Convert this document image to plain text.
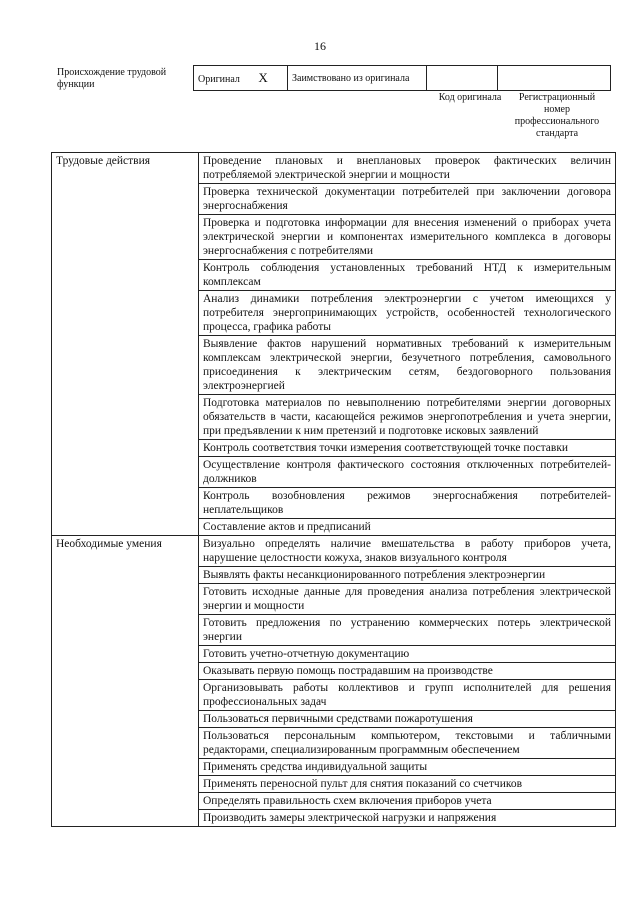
16
Происхождение трудовой функции	Оригинал X	Заимствовано из оригинала		
Код оригинала	Регистрационный номер профессионального стандарта
Трудовые действия	Проведение плановых и внеплановых проверок фактических величин потребляемой электрической энергии и мощности
	Проверка технической документации потребителей при заключении договора энергоснабжения
	Проверка и подготовка информации для внесения изменений о приборах учета электрической энергии и компонентах измерительного комплекса в договоры энергоснабжения с потребителями
	Контроль соблюдения установленных требований НТД к измерительным комплексам
	Анализ динамики потребления электроэнергии с учетом имеющихся у потребителя энергопринимающих устройств, особенностей технологического процесса, графика работы
	Выявление фактов нарушений нормативных требований к измерительным комплексам электрической энергии, безучетного потребления, самовольного присоединения к электрическим сетям, бездоговорного пользования электроэнергией
	Подготовка материалов по невыполнению потребителями энергии договорных обязательств в части, касающейся режимов энергопотребления и учета энергии, при предъявлении к ним претензий и подготовке исковых заявлений
	Контроль соответствия точки измерения соответствующей точке поставки
	Осуществление контроля фактического состояния отключенных потребителей-должников
	Контроль возобновления режимов энергоснабжения потребителей-неплательщиков
	Составление актов и предписаний
Необходимые умения	Визуально определять наличие вмешательства в работу приборов учета, нарушение целостности кожуха, знаков визуального контроля
	Выявлять факты несанкционированного потребления электроэнергии
	Готовить исходные данные для проведения анализа потребления электрической энергии и мощности
	Готовить предложения по устранению коммерческих потерь электрической энергии
	Готовить учетно-отчетную документацию
	Оказывать первую помощь пострадавшим на производстве
	Организовывать работы коллективов и групп исполнителей для решения профессиональных задач
	Пользоваться первичными средствами пожаротушения
	Пользоваться персональным компьютером, текстовыми и табличными редакторами, специализированным программным обеспечением
	Применять средства индивидуальной защиты
	Применять переносной пульт для снятия показаний со счетчиков
	Определять правильность схем включения приборов учета
	Производить замеры электрической нагрузки и напряжения
